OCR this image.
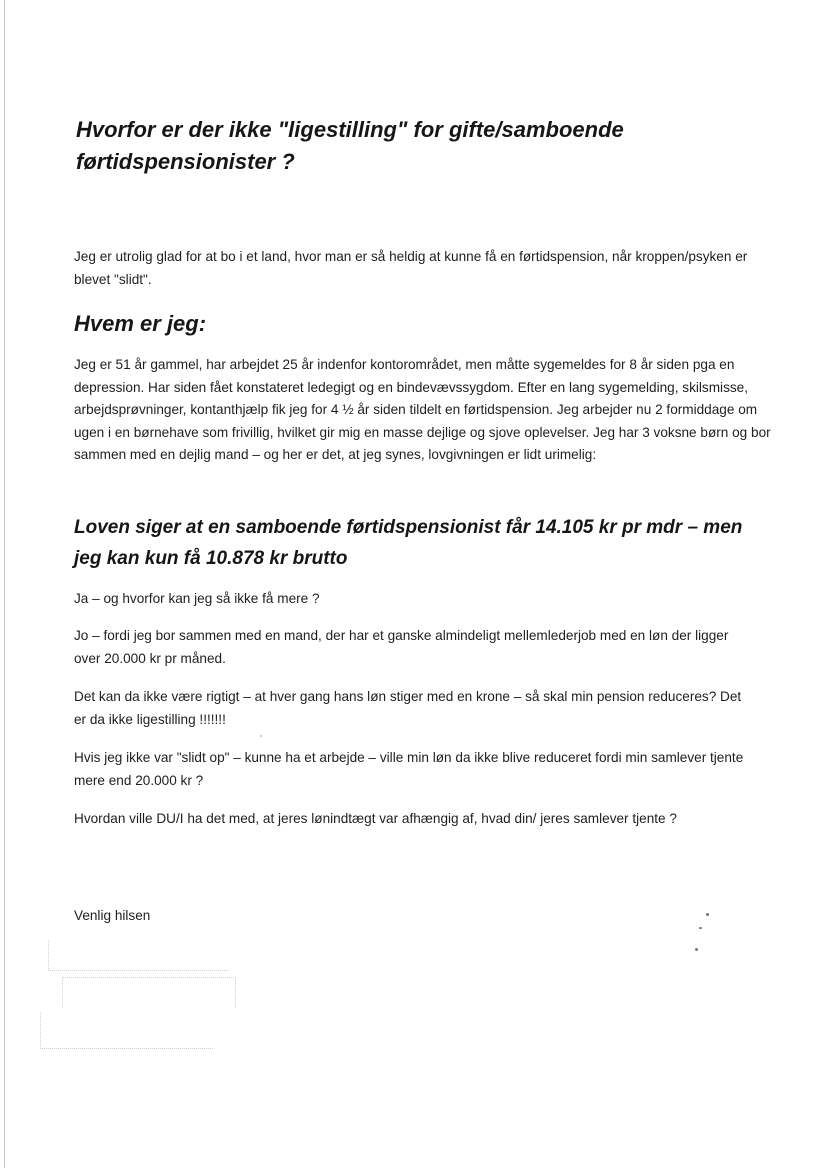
Hvorfor er der ikke "ligestilling" for gifte/samboende førtidspensionister ?

Jeg er utrolig glad for at bo i et land, hvor man er så heldig at kunne få en førtidspension, når kroppen/psyken er blevet "slidt".

Hvem er jeg:

Jeg er 51 år gammel, har arbejdet 25 år indenfor kontorområdet, men måtte sygemeldes for 8 år siden pga en depression. Har siden fået konstateret ledegigt og en bindevævssygdom. Efter en lang sygemelding, skilsmisse, arbejdsprøvninger, kontanthjælp fik jeg for 4 ½ år siden tildelt en førtidspension. Jeg arbejder nu 2 formiddage om ugen i en børnehave som frivillig, hvilket gir mig en masse dejlige og sjove oplevelser. Jeg har 3 voksne børn og bor sammen med en dejlig mand – og her er det, at jeg synes, lovgivningen er lidt urimelig:

Loven siger at en samboende førtidspensionist får 14.105 kr pr mdr – men jeg kan kun få 10.878 kr brutto

Ja – og hvorfor kan jeg så ikke få mere ?

Jo – fordi jeg bor sammen med en mand, der har et ganske almindeligt mellemlederjob med en løn der ligger over 20.000 kr pr måned.

Det kan da ikke være rigtigt – at hver gang hans løn stiger med en krone – så skal min pension reduceres? Det er da ikke ligestilling !!!!!!!

Hvis jeg ikke var "slidt op" – kunne ha et arbejde – ville min løn da ikke blive reduceret fordi min samlever tjente mere end 20.000 kr ?

Hvordan ville DU/I ha det med, at jeres lønindtægt var afhængig af, hvad din/ jeres samlever tjente ?

Venlig hilsen
